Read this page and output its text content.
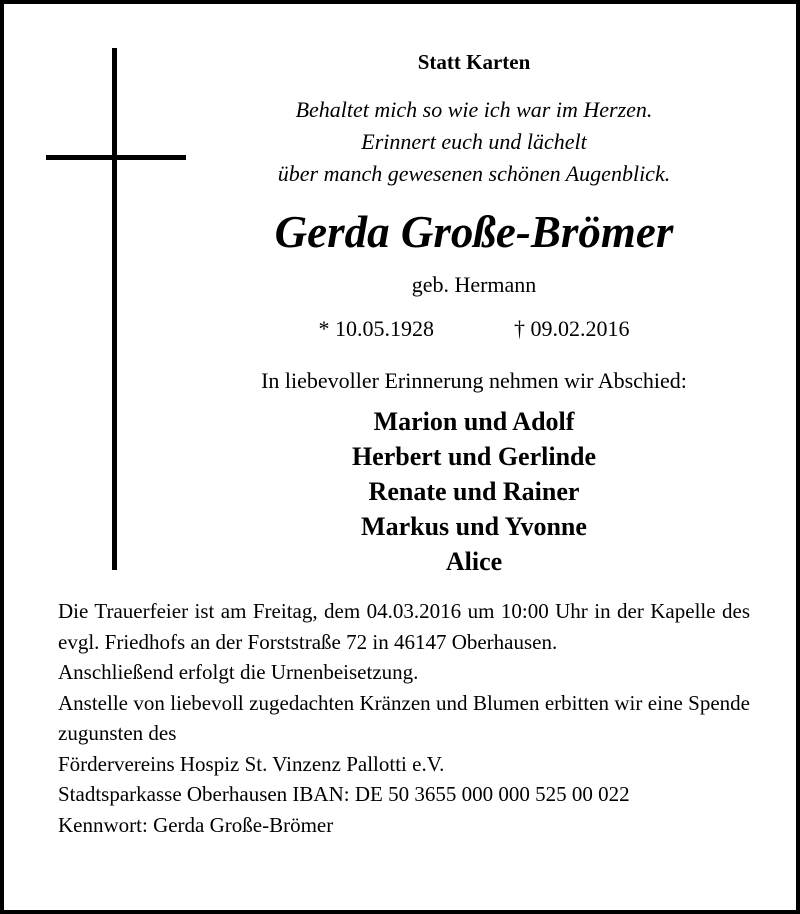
Statt Karten
Behaltet mich so wie ich war im Herzen.
Erinnert euch und lächelt
über manch gewesenen schönen Augenblick.
Gerda Große-Brömer
geb. Hermann
* 10.05.1928	† 09.02.2016
In liebevoller Erinnerung nehmen wir Abschied:
Marion und Adolf
Herbert und Gerlinde
Renate und Rainer
Markus und Yvonne
Alice
Die Trauerfeier ist am Freitag, dem 04.03.2016 um 10:00 Uhr in der Kapelle des evgl. Friedhofs an der Forststraße 72 in 46147 Oberhausen.
Anschließend erfolgt die Urnenbeisetzung.
Anstelle von liebevoll zugedachten Kränzen und Blumen erbitten wir eine Spende zugunsten des
Fördervereins Hospiz St. Vinzenz Pallotti e.V.
Stadtsparkasse Oberhausen IBAN: DE 50 3655 000 000 525 00 022
Kennwort: Gerda Große-Brömer
